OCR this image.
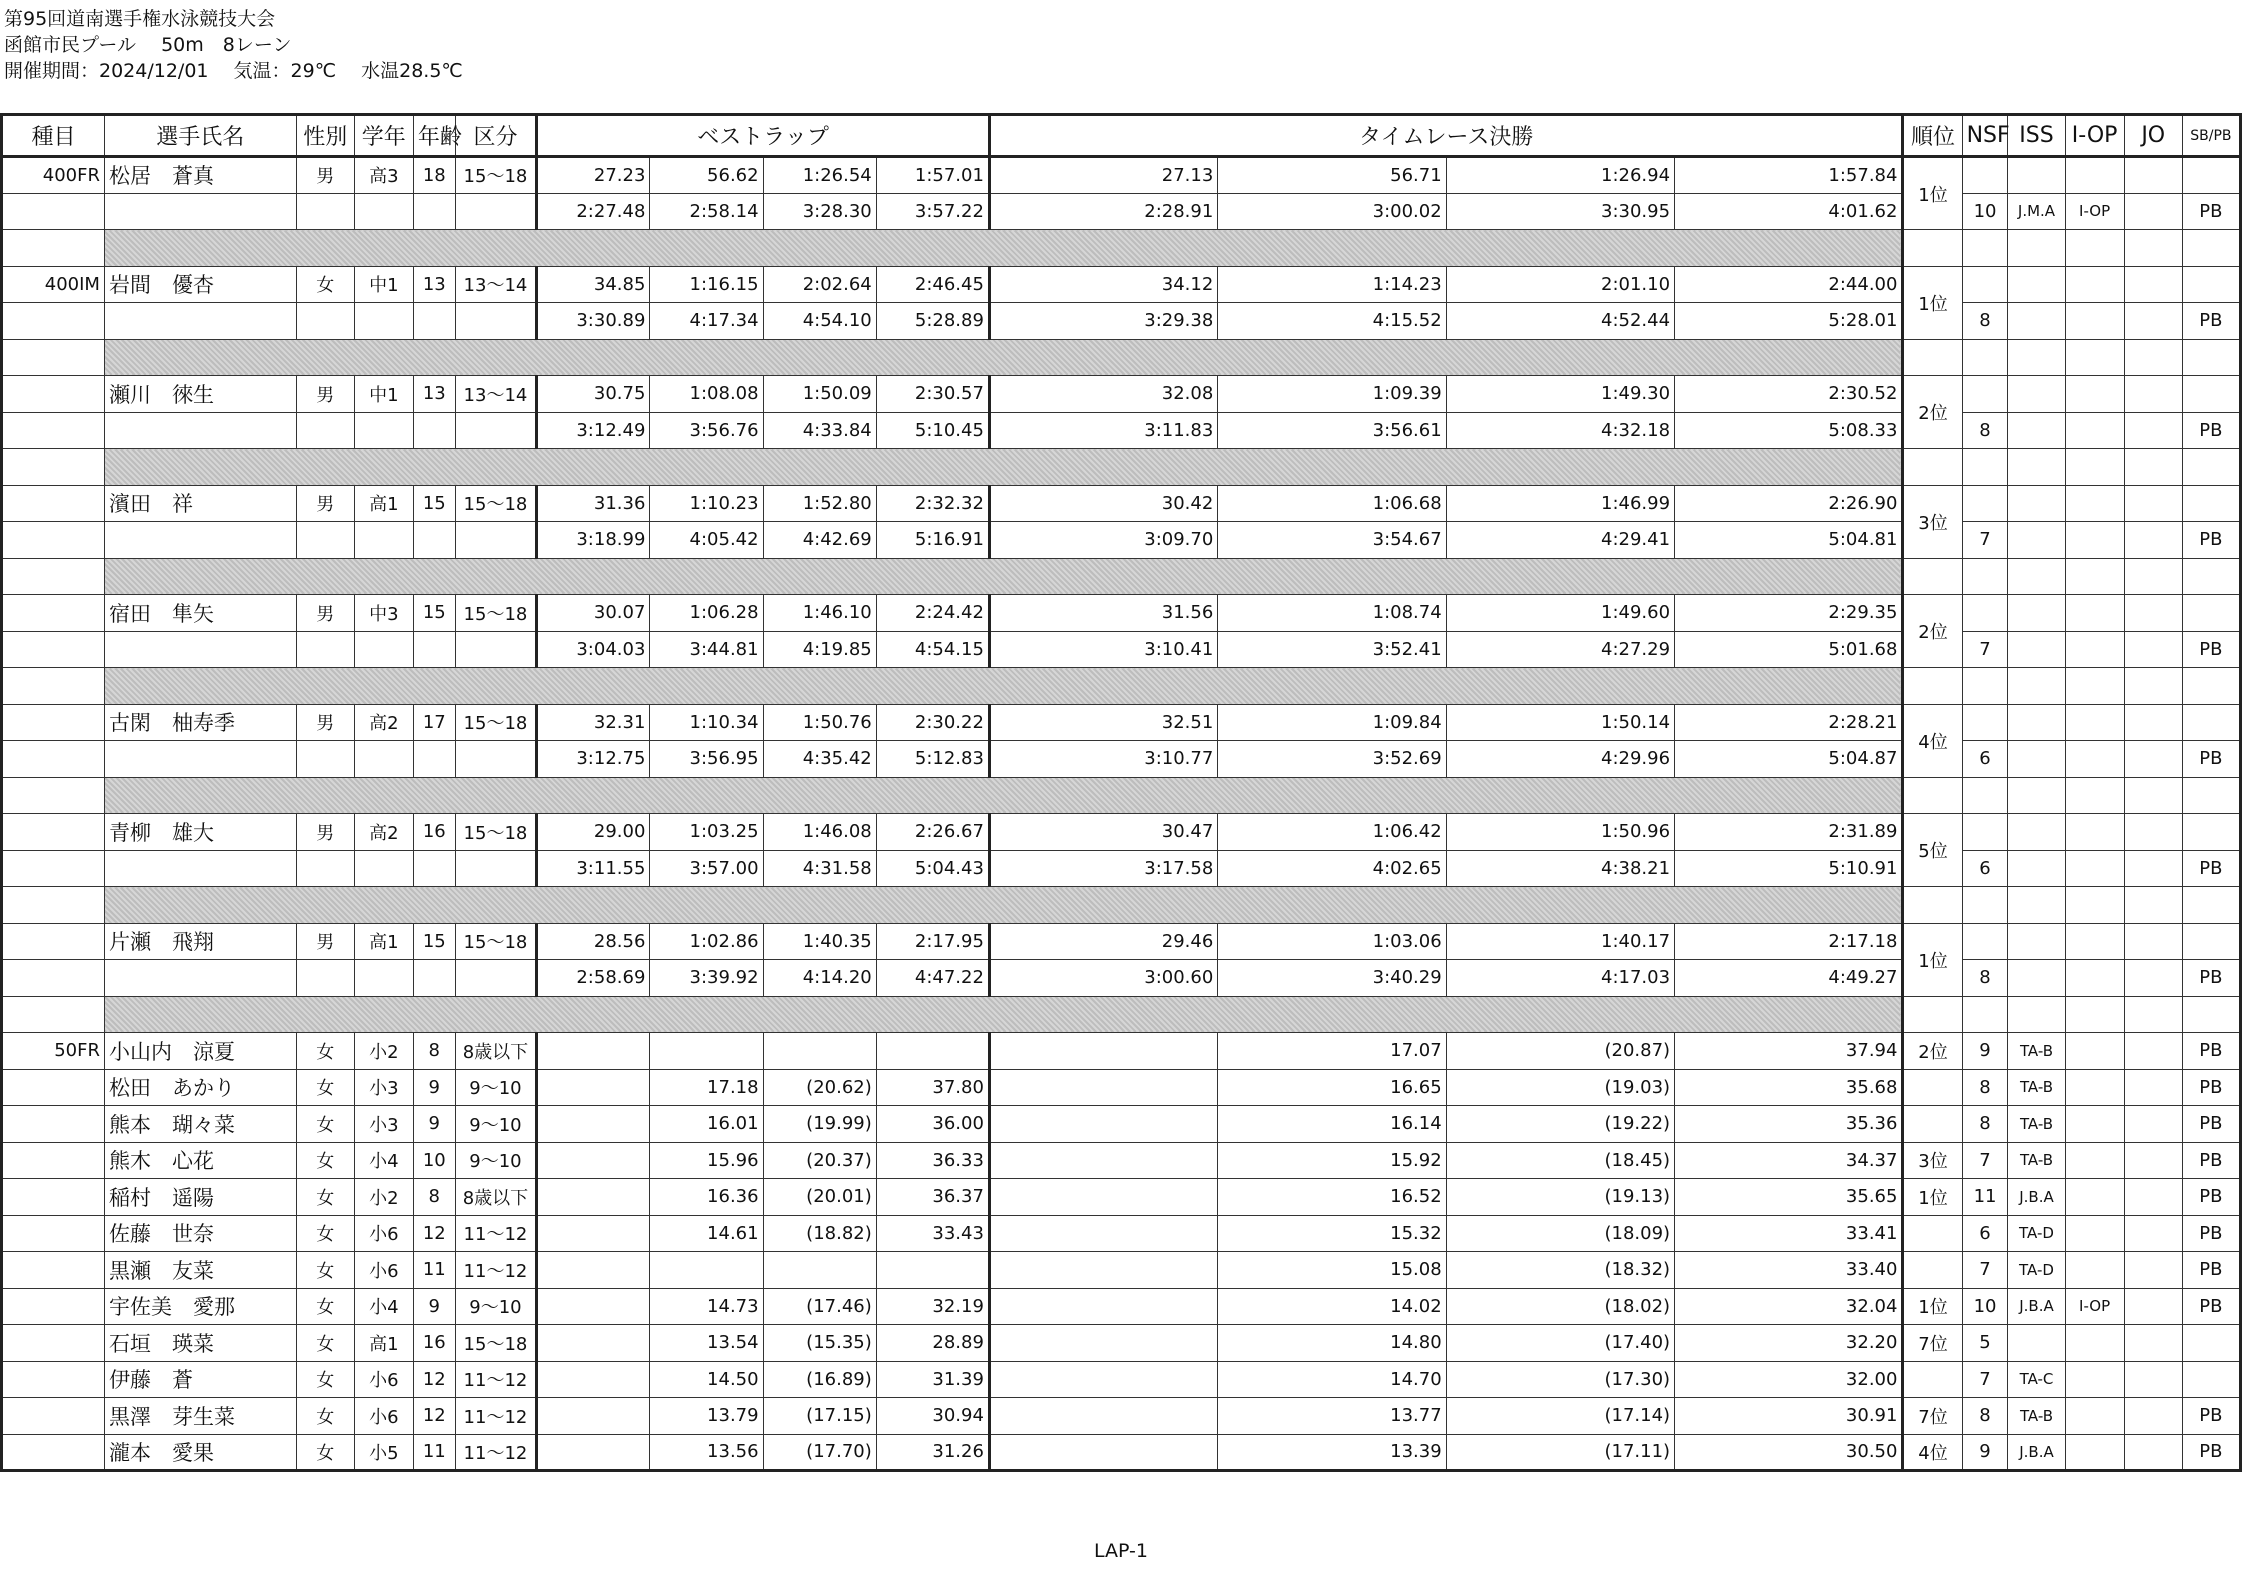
第95回道南選手権水泳競技大会
函館市民プール　 50m　8レーン
開催期間：2024/12/01　 気温：29℃　 水温28.5℃
種目	選手氏名	性別	学年	年齢	区分	ベストラップ				タイムレース決勝				順位	NSF	ISS	I-OP	JO	SB/PB
400FR	松居　蒼真	男	高3	18	15～18	27.23	56.62	1:26.54	1:57.01	27.13	56.71	1:26.94	1:57.84	1位					
						2:27.48	2:58.14	3:28.30	3:57.22	2:28.91	3:00.02	3:30.95	4:01.62		10	J.M.A	I-OP		PB

400IM	岩間　優杏	女	中1	13	13～14	34.85	1:16.15	2:02.64	2:46.45	34.12	1:14.23	2:01.10	2:44.00	1位					
						3:30.89	4:17.34	4:54.10	5:28.89	3:29.38	4:15.52	4:52.44	5:28.01		8				PB

	瀬川　徠生	男	中1	13	13～14	30.75	1:08.08	1:50.09	2:30.57	32.08	1:09.39	1:49.30	2:30.52	2位					
						3:12.49	3:56.76	4:33.84	5:10.45	3:11.83	3:56.61	4:32.18	5:08.33		8				PB

	濱田　祥	男	高1	15	15～18	31.36	1:10.23	1:52.80	2:32.32	30.42	1:06.68	1:46.99	2:26.90	3位					
						3:18.99	4:05.42	4:42.69	5:16.91	3:09.70	3:54.67	4:29.41	5:04.81		7				PB

	宿田　隼矢	男	中3	15	15～18	30.07	1:06.28	1:46.10	2:24.42	31.56	1:08.74	1:49.60	2:29.35	2位					
						3:04.03	3:44.81	4:19.85	4:54.15	3:10.41	3:52.41	4:27.29	5:01.68		7				PB

	古閑　柚寿季	男	高2	17	15～18	32.31	1:10.34	1:50.76	2:30.22	32.51	1:09.84	1:50.14	2:28.21	4位					
						3:12.75	3:56.95	4:35.42	5:12.83	3:10.77	3:52.69	4:29.96	5:04.87		6				PB

	青柳　雄大	男	高2	16	15～18	29.00	1:03.25	1:46.08	2:26.67	30.47	1:06.42	1:50.96	2:31.89	5位					
						3:11.55	3:57.00	4:31.58	5:04.43	3:17.58	4:02.65	4:38.21	5:10.91		6				PB

	片瀬　飛翔	男	高1	15	15～18	28.56	1:02.86	1:40.35	2:17.95	29.46	1:03.06	1:40.17	2:17.18	1位					
						2:58.69	3:39.92	4:14.20	4:47.22	3:00.60	3:40.29	4:17.03	4:49.27		8				PB

50FR	小山内　涼夏	女	小2	8	8歳以下						17.07	(20.87)	37.94	2位	9	TA-B			PB
	松田　あかり	女	小3	9	9～10		17.18	(20.62)	37.80		16.65	(19.03)	35.68		8	TA-B			PB
	熊本　瑚々菜	女	小3	9	9～10		16.01	(19.99)	36.00		16.14	(19.22)	35.36		8	TA-B			PB
	熊木　心花	女	小4	10	9～10		15.96	(20.37)	36.33		15.92	(18.45)	34.37	3位	7	TA-B			PB
	稲村　遥陽	女	小2	8	8歳以下		16.36	(20.01)	36.37		16.52	(19.13)	35.65	1位	11	J.B.A			PB
	佐藤　世奈	女	小6	12	11～12		14.61	(18.82)	33.43		15.32	(18.09)	33.41		6	TA-D			PB
	黒瀬　友菜	女	小6	11	11～12						15.08	(18.32)	33.40		7	TA-D			PB
	宇佐美　愛那	女	小4	9	9～10		14.73	(17.46)	32.19		14.02	(18.02)	32.04	1位	10	J.B.A	I-OP		PB
	石垣　瑛菜	女	高1	16	15～18		13.54	(15.35)	28.89		14.80	(17.40)	32.20	7位	5				
	伊藤　蒼	女	小6	12	11～12		14.50	(16.89)	31.39		14.70	(17.30)	32.00		7	TA-C			
	黒澤　芽生菜	女	小6	12	11～12		13.79	(17.15)	30.94		13.77	(17.14)	30.91	7位	8	TA-B			PB
	瀧本　愛果	女	小5	11	11～12		13.56	(17.70)	31.26		13.39	(17.11)	30.50	4位	9	J.B.A			PB
LAP-1
